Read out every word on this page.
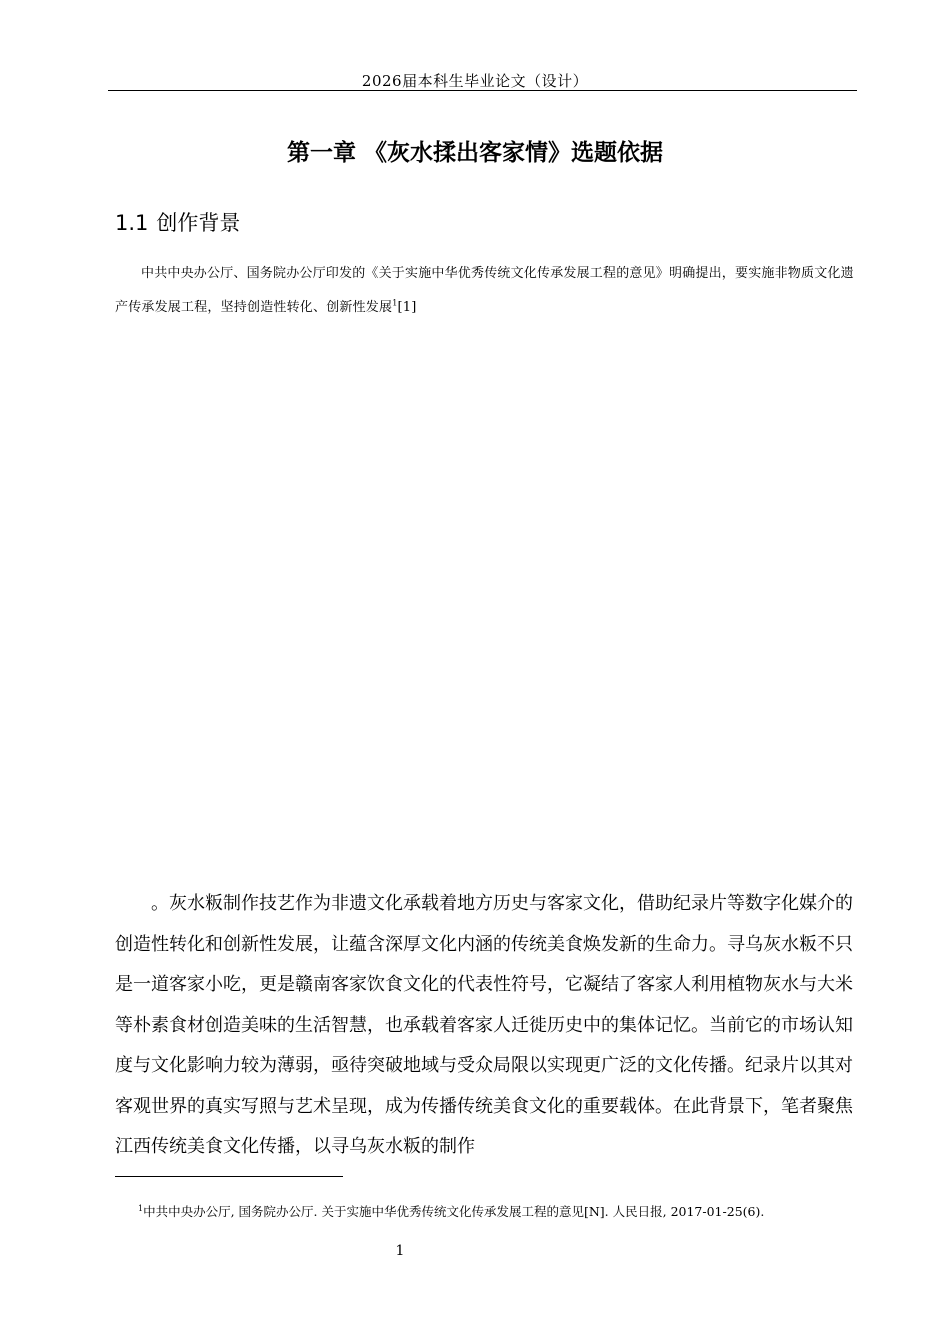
2026届本科生毕业论文（设计）
第一章 《灰水揉出客家情》选题依据
1.1 创作背景
中共中央办公厅、国务院办公厅印发的《关于实施中华优秀传统文化传承发展工程的意见》明确提出，要实施非物质文化遗产传承发展工程，坚持创造性转化、创新性发展$^1$[1]
。灰水粄制作技艺作为非遗文化承载着地方历史与客家文化，借助纪录片等数字化媒介的创造性转化和创新性发展，让蕴含深厚文化内涵的传统美食焕发新的生命力。寻乌灰水粄不只是一道客家小吃，更是赣南客家饮食文化的代表性符号，它凝结了客家人利用植物灰水与大米等朴素食材创造美味的生活智慧，也承载着客家人迁徙历史中的集体记忆。当前它的市场认知度与文化影响力较为薄弱，亟待突破地域与受众局限以实现更广泛的文化传播。纪录片以其对客观世界的真实写照与艺术呈现，成为传播传统美食文化的重要载体。在此背景下，笔者聚焦江西传统美食文化传播，以寻乌灰水粄的制作
$^1$中共中央办公厅, 国务院办公厅. 关于实施中华优秀传统文化传承发展工程的意见[N]. 人民日报, 2017-01-25(6).
1
